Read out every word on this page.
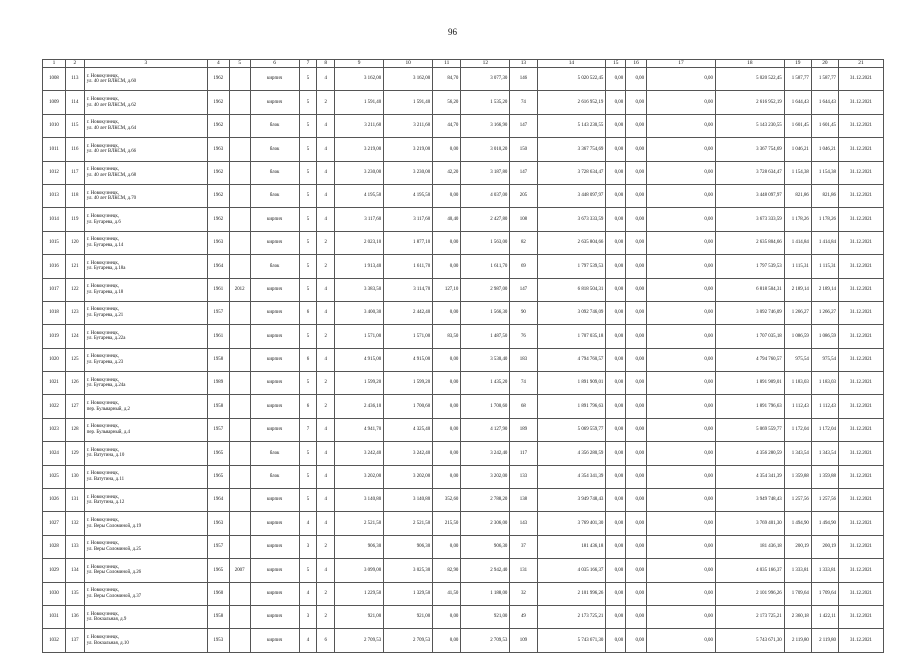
96
1	2	3	4	5	6	7	8	9	10	11	12	13	14	15	16	17	18	19	20	21
1008	113	г. Новокузнецк,
ул. 40 лет ВЛКСМ, д.60	1962		кирпич	5	4	3 162,00	3 162,00	84,70	3 077,30	146	5 020 522,45	0,00	0,00	0,00	5 020 522,45	1 587,77	1 587,77	31.12.2021
1009	114	г. Новокузнецк,
ул. 40 лет ВЛКСМ, д.62	1962		кирпич	5	2	1 591,40	1 591,40	56,20	1 535,20	74	2 616 952,19	0,00	0,00	0,00	2 616 952,19	1 644,43	1 644,43	31.12.2021
1010	115	г. Новокузнецк,
ул. 40 лет ВЛКСМ, д.64	1962		блок	5	4	3 211,60	3 211,60	44,70	3 166,90	147	5 143 230,55	0,00	0,00	0,00	5 143 230,55	1 601,45	1 601,45	31.12.2021
1011	116	г. Новокузнецк,
ул. 40 лет ВЛКСМ, д.66	1963		блок	5	4	3 219,00	3 219,00	0,00	3 010,20	150	3 367 754,69	0,00	0,00	0,00	3 367 754,69	1 046,21	1 046,21	31.12.2021
1012	117	г. Новокузнецк,
ул. 40 лет ВЛКСМ, д.68	1962		блок	5	4	3 230,00	3 230,00	42,20	3 187,80	147	3 728 634,47	0,00	0,00	0,00	3 728 634,47	1 154,38	1 154,38	31.12.2021
1013	118	г. Новокузнецк,
ул. 40 лет ВЛКСМ, д.70	1962		блок	5	4	4 195,50	4 195,50	0,00	4 037,00	205	3 448 097,97	0,00	0,00	0,00	3 448 097,97	821,86	821,86	31.12.2021
1014	119	г. Новокузнецк,
ул. Бугарева, д.6	1962		кирпич	5	4	3 117,60	3 117,60	40,40	2 427,80	108	3 673 333,59	0,00	0,00	0,00	3 673 333,59	1 178,26	1 178,26	31.12.2021
1015	120	г. Новокузнецк,
ул. Бугарева, д.14	1963		кирпич	5	2	2 023,10	1 877,10	0,00	1 563,00	82	2 635 804,66	0,00	0,00	0,00	2 635 804,66	1 414,84	1 414,84	31.12.2021
1016	121	г. Новокузнецк,
ул. Бугарева, д.18а	1964		блок	5	2	1 913,40	1 611,70	0,00	1 611,70	69	1 797 539,53	0,00	0,00	0,00	1 797 539,53	1 115,31	1 115,31	31.12.2021
1017	122	г. Новокузнецк,
ул. Бугарева, д.18	1961	2012	кирпич	5	4	3 383,50	3 114,70	127,10	2 987,00	147	6 818 504,31	0,00	0,00	0,00	6 818 504,31	2 189,14	2 189,14	31.12.2021
1018	123	г. Новокузнецк,
ул. Бугарева, д.21	1957		кирпич	6	4	3 400,30	2 442,40	0,00	1 566,30	90	3 092 746,09	0,00	0,00	0,00	3 092 746,09	1 266,27	1 266,27	31.12.2021
1019	124	г. Новокузнецк,
ул. Бугарева, д.22а	1961		кирпич	5	2	1 571,00	1 571,00	83,50	1 487,50	76	1 707 035,18	0,00	0,00	0,00	1 707 035,18	1 086,59	1 086,59	31.12.2021
1020	125	г. Новокузнецк,
ул. Бугарева, д.23	1958		кирпич	6	4	4 915,00	4 915,00	0,00	3 530,40	183	4 794 760,57	0,00	0,00	0,00	4 794 760,57	975,54	975,54	31.12.2021
1021	126	г. Новокузнецк,
ул. Бугарева, д.24а	1989		кирпич	5	2	1 599,20	1 599,20	0,00	1 435,20	74	1 891 909,01	0,00	0,00	0,00	1 891 909,01	1 183,03	1 183,03	31.12.2021
1022	127	г. Новокузнецк,
пер. Бульварный, д.2	1958		кирпич	6	2	2 436,10	1 700,60	0,00	1 700,60	68	1 891 796,63	0,00	0,00	0,00	1 891 796,63	1 112,43	1 112,43	31.12.2021
1023	128	г. Новокузнецк,
пер. Бульварный, д.4	1957		кирпич	7	4	4 941,70	4 325,40	0,00	4 127,90	189	5 069 559,77	0,00	0,00	0,00	5 069 559,77	1 172,04	1 172,04	31.12.2021
1024	129	г. Новокузнецк,
ул. Ватутина, д.10	1965		блок	5	4	3 242,40	3 242,40	0,00	3 242,40	117	4 356 280,59	0,00	0,00	0,00	4 356 280,59	1 343,54	1 343,54	31.12.2021
1025	130	г. Новокузнецк,
ул. Ватутина, д.11	1965		блок	5	4	3 202,00	3 202,00	0,00	3 202,00	133	4 354 341,39	0,00	0,00	0,00	4 354 341,39	1 359,88	1 359,88	31.12.2021
1026	131	г. Новокузнецк,
ул. Ватутина, д.12	1964		кирпич	5	4	3 140,80	3 140,80	352,60	2 788,20	138	3 949 748,43	0,00	0,00	0,00	3 949 748,43	1 257,56	1 257,56	31.12.2021
1027	132	г. Новокузнецк,
ул. Веры Соломиной, д.19	1963		кирпич	4	4	2 521,50	2 521,50	215,50	2 306,00	143	3 769 401,30	0,00	0,00	0,00	3 769 401,30	1 494,90	1 494,90	31.12.2021
1028	133	г. Новокузнецк,
ул. Веры Соломиной, д.25	1957		кирпич	3	2	906,30	906,30	0,00	906,30	37	181 436,18	0,00	0,00	0,00	181 436,18	200,19	200,19	31.12.2021
1029	134	г. Новокузнецк,
ул. Веры Соломиной, д.26	1965	2007	кирпич	5	4	3 099,00	3 025,30	82,90	2 942,40	131	4 035 166,37	0,00	0,00	0,00	4 035 166,37	1 333,81	1 333,81	31.12.2021
1030	135	г. Новокузнецк,
ул. Веры Соломиной, д.37	1960		кирпич	4	2	1 229,50	1 329,50	41,50	1 188,00	32	2 101 996,26	0,00	0,00	0,00	2 101 996,26	1 709,64	1 709,64	31.12.2021
1031	136	г. Новокузнецк,
ул. Вокзальная, д.9	1958		кирпич	3	2	921,00	921,00	0,00	921,00	49	2 173 725,21	0,00	0,00	0,00	2 173 725,21	2 360,18	1 422,11	31.12.2021
1032	137	г. Новокузнецк,
ул. Вокзальная, д.10	1953		кирпич	4	6	2 709,53	2 709,53	0,00	2 709,53	109	5 743 671,30	0,00	0,00	0,00	5 743 671,30	2 119,80	2 119,80	31.12.2021
